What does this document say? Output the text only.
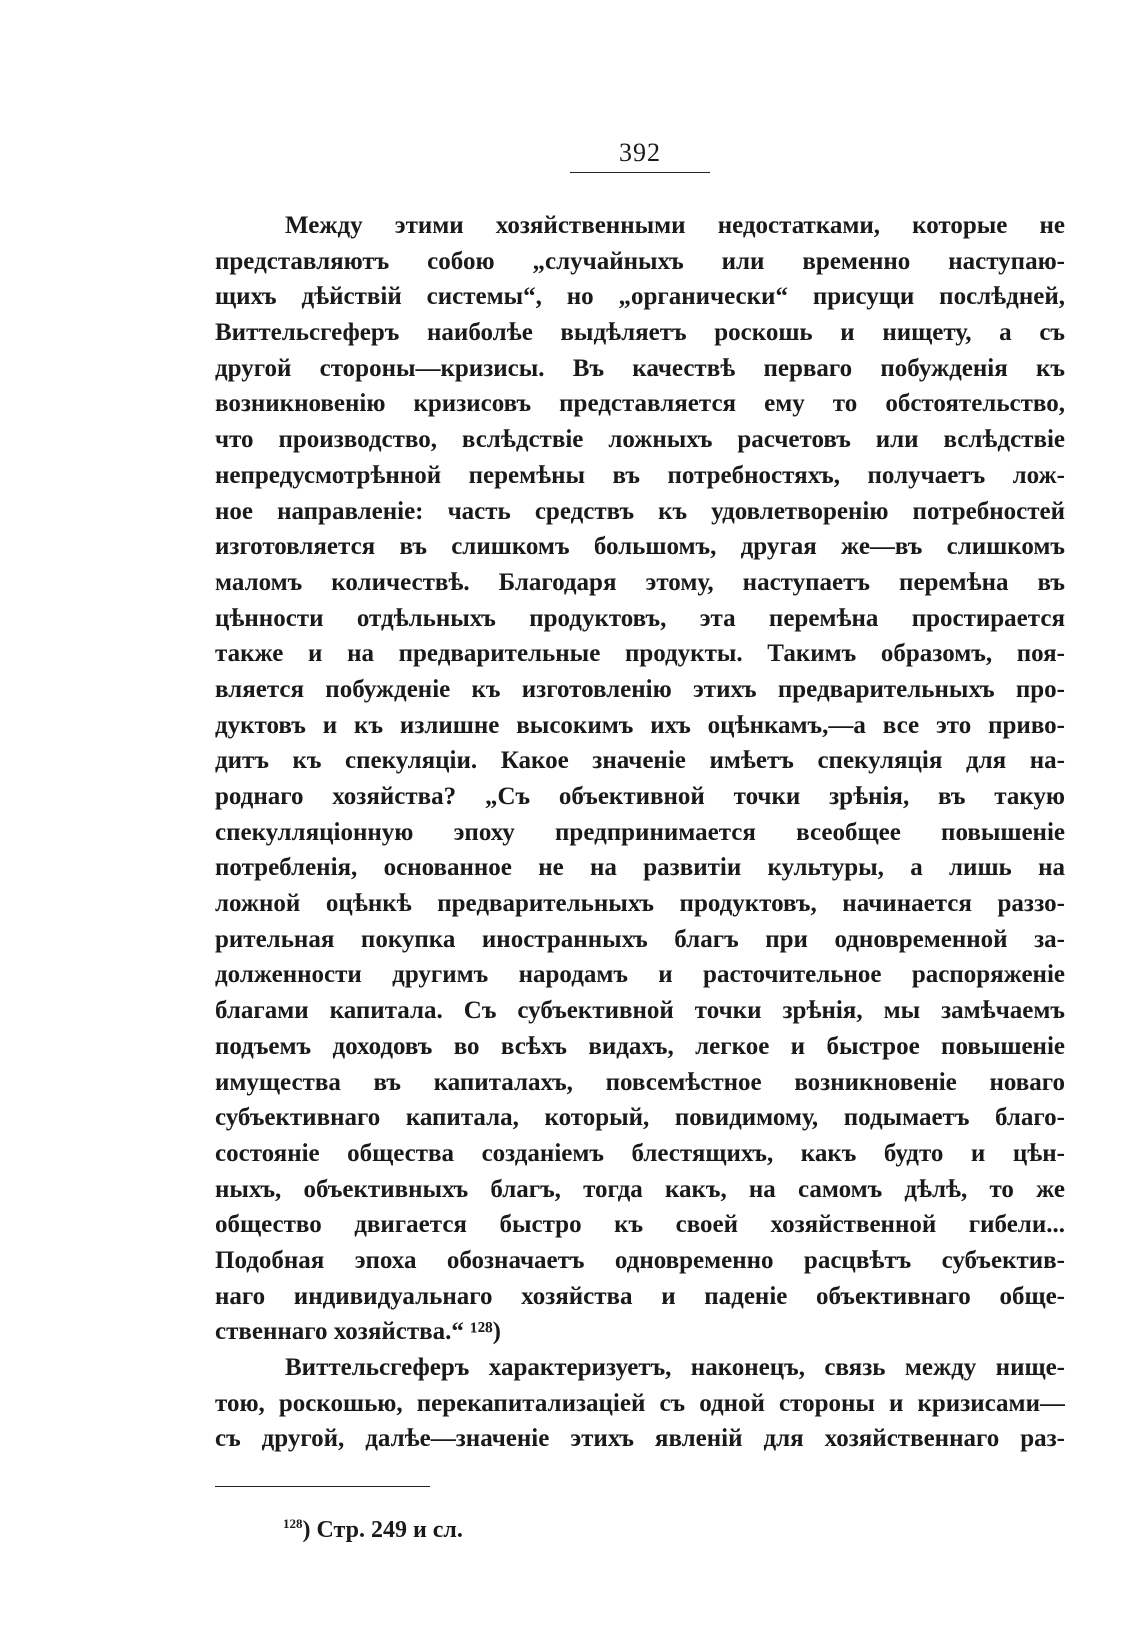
392
Между этими хозяйственными недостатками, которые не
представляютъ собою „случайныхъ или временно наступаю-
щихъ дѣйствій системы“, но „органически“ присущи послѣдней,
Виттельсгеферъ наиболѣе выдѣляетъ роскошь и нищету, а съ
другой стороны—кризисы. Въ качествѣ перваго побужденія къ
возникновенію кризисовъ представляется ему то обстоятельство,
что производство, вслѣдствіе ложныхъ расчетовъ или вслѣдствіе
непредусмотрѣнной перемѣны въ потребностяхъ, получаетъ лож-
ное направленіе: часть средствъ къ удовлетворенію потребностей
изготовляется въ слишкомъ большомъ, другая же—въ слишкомъ
маломъ количествѣ. Благодаря этому, наступаетъ перемѣна въ
цѣнности отдѣльныхъ продуктовъ, эта перемѣна простирается
также и на предварительные продукты. Такимъ образомъ, поя-
вляется побужденіе къ изготовленію этихъ предварительныхъ про-
дуктовъ и къ излишне высокимъ ихъ оцѣнкамъ,—а все это приво-
дитъ къ спекуляціи. Какое значеніе имѣетъ спекуляція для на-
роднаго хозяйства? „Съ объективной точки зрѣнія, въ такую
спекулляціонную эпоху предпринимается всеобщее повышеніе
потребленія, основанное не на развитіи культуры, а лишь на
ложной оцѣнкѣ предварительныхъ продуктовъ, начинается раззо-
рительная покупка иностранныхъ благъ при одновременной за-
долженности другимъ народамъ и расточительное распоряженіе
благами капитала. Съ субъективной точки зрѣнія, мы замѣчаемъ
подъемъ доходовъ во всѣхъ видахъ, легкое и быстрое повышеніе
имущества въ капиталахъ, повсемѣстное возникновеніе новаго
субъективнаго капитала, который, повидимому, подымаетъ благо-
состояніе общества созданіемъ блестящихъ, какъ будто и цѣн-
ныхъ, объективныхъ благъ, тогда какъ, на самомъ дѣлѣ, то же
общество двигается быстро къ своей хозяйственной гибели...
Подобная эпоха обозначаетъ одновременно расцвѣтъ субъектив-
наго индивидуальнаго хозяйства и паденіе объективнаго обще-
ственнаго хозяйства.“ ¹²⁸)
Виттельсгеферъ характеризуетъ, наконецъ, связь между нище-
тою, роскошью, перекапитализаціей съ одной стороны и кризисами—
съ другой, далѣе—значеніе этихъ явленій для хозяйственнаго раз-
$^{128}$) Стр. 249 и сл.
